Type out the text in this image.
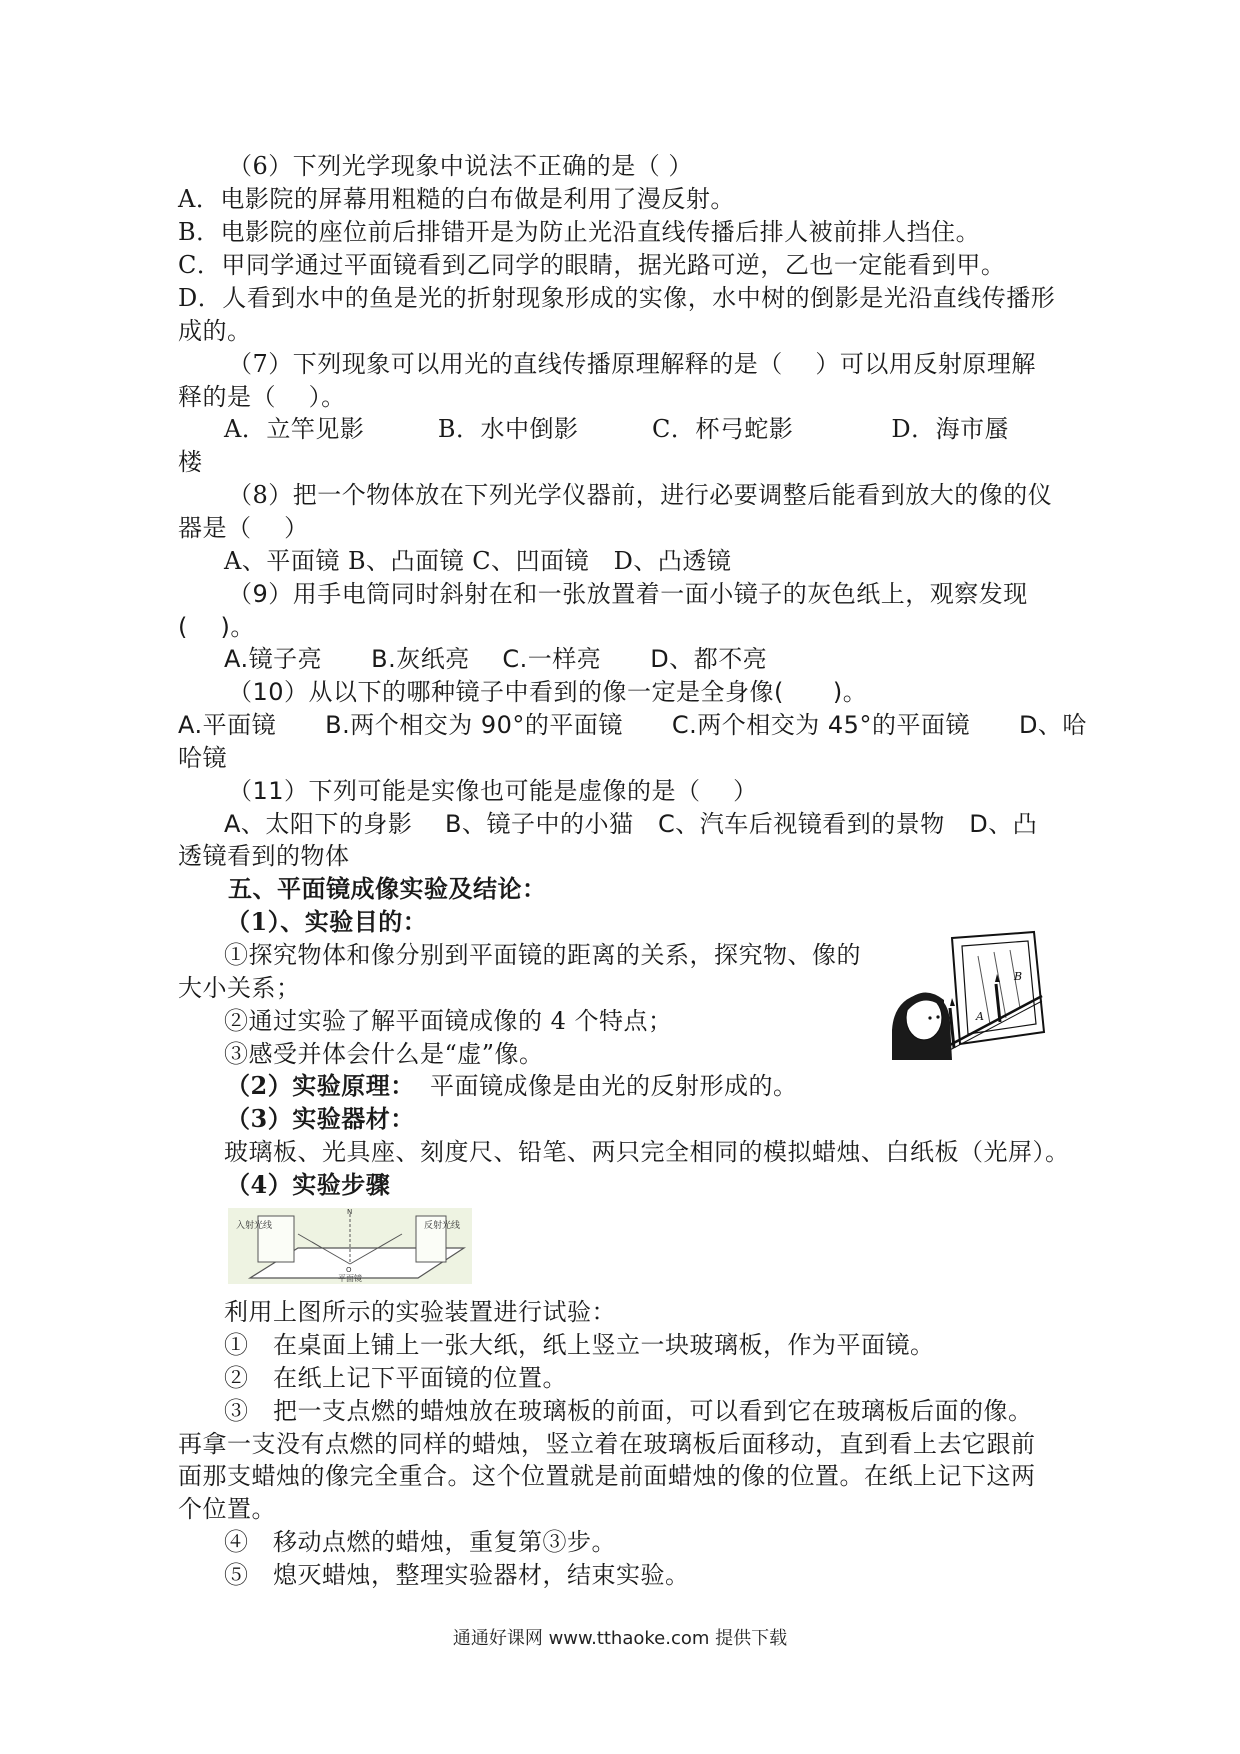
（6）下列光学现象中说法不正确的是（ ）
A．电影院的屏幕用粗糙的白布做是利用了漫反射。
B．电影院的座位前后排错开是为防止光沿直线传播后排人被前排人挡住。
C．甲同学通过平面镜看到乙同学的眼睛，据光路可逆，乙也一定能看到甲。
D．人看到水中的鱼是光的折射现象形成的实像，水中树的倒影是光沿直线传播形
成的。
（7）下列现象可以用光的直线传播原理解释的是（　 ）可以用反射原理解
释的是（　 ）。
A．立竿见影　　　B．水中倒影　　　C．杯弓蛇影　　　　D．海市蜃
楼
（8）把一个物体放在下列光学仪器前，进行必要调整后能看到放大的像的仪
器是（　 ）
A、平面镜 B、凸面镜 C、凹面镜　D、凸透镜
（9）用手电筒同时斜射在和一张放置着一面小镜子的灰色纸上，观察发现
(　 )。
A.镜子亮　　B.灰纸亮　 C.一样亮　　D、都不亮
（10）从以下的哪种镜子中看到的像一定是全身像(　　)。
A.平面镜　　B.两个相交为 90°的平面镜　　C.两个相交为 45°的平面镜　　D、哈
哈镜
（11）下列可能是实像也可能是虚像的是（　 ）
A、太阳下的身影　 B、镜子中的小猫　C、汽车后视镜看到的景物　D、凸
透镜看到的物体
五、平面镜成像实验及结论：
（1）、实验目的：
①探究物体和像分别到平面镜的距离的关系，探究物、像的
大小关系；
②通过实验了解平面镜成像的 4 个特点；
③感受并体会什么是“虚”像。
（2）实验原理： 平面镜成像是由光的反射形成的。
（3）实验器材：
玻璃板、光具座、刻度尺、铅笔、两只完全相同的模拟蜡烛、白纸板（光屏）。
（4）实验步骤
入射光线	反射光线
N
O
平面镜
利用上图所示的实验装置进行试验：
①　在桌面上铺上一张大纸，纸上竖立一块玻璃板，作为平面镜。
②　在纸上记下平面镜的位置。
③　把一支点燃的蜡烛放在玻璃板的前面，可以看到它在玻璃板后面的像。
再拿一支没有点燃的同样的蜡烛，竖立着在玻璃板后面移动，直到看上去它跟前
面那支蜡烛的像完全重合。这个位置就是前面蜡烛的像的位置。在纸上记下这两
个位置。
④　移动点燃的蜡烛，重复第③步。
⑤　熄灭蜡烛，整理实验器材，结束实验。
A
B
通通好课网 www.tthaoke.com 提供下载
